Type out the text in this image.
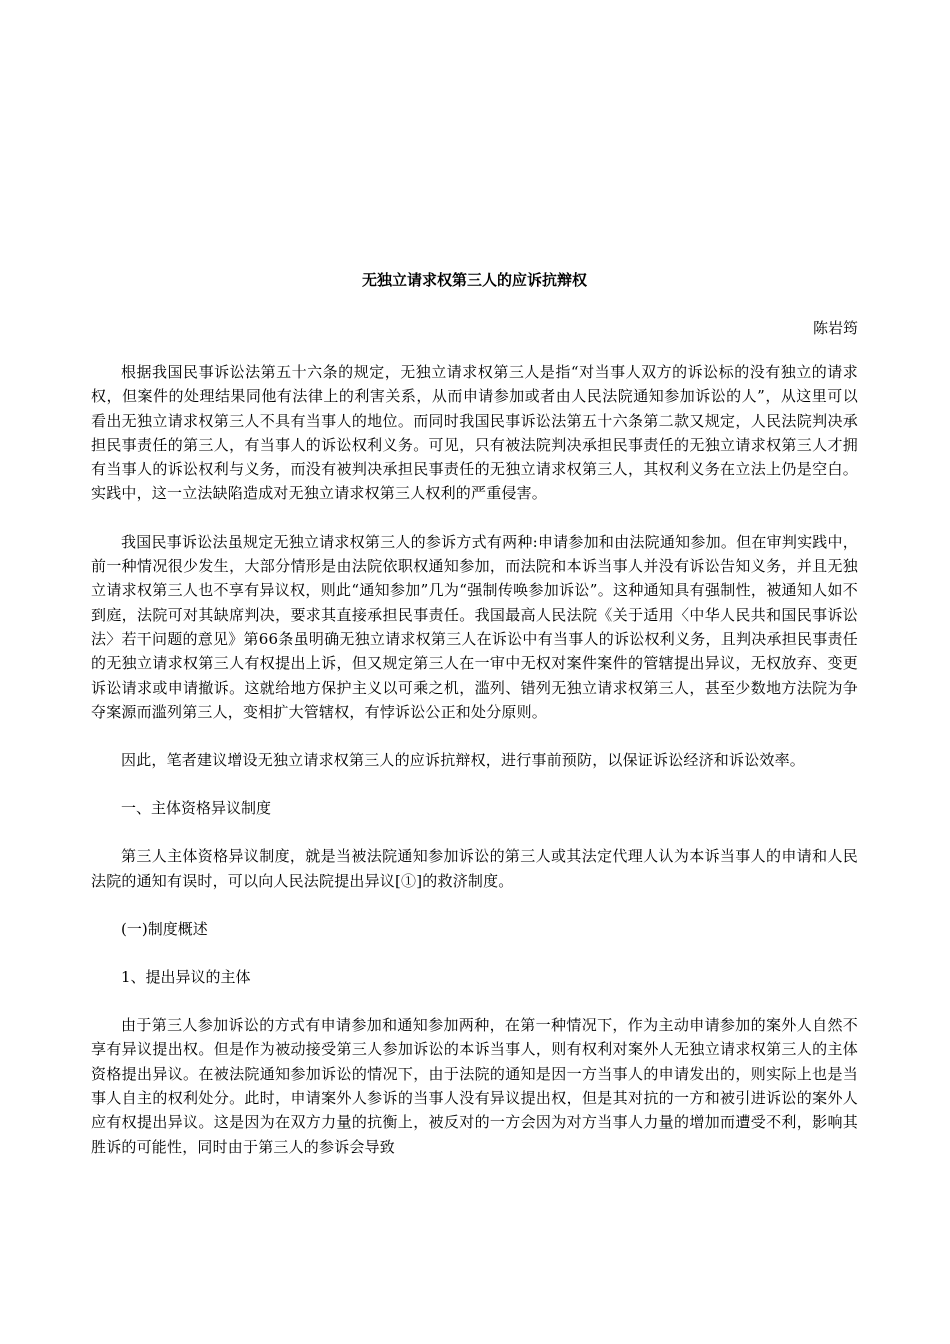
无独立请求权第三人的应诉抗辩权
陈岩筠

根据我国民事诉讼法第五十六条的规定，无独立请求权第三人是指“对当事人双方的诉讼标的没有独立的请求权，但案件的处理结果同他有法律上的利害关系，从而申请参加或者由人民法院通知参加诉讼的人”，从这里可以看出无独立请求权第三人不具有当事人的地位。而同时我国民事诉讼法第五十六条第二款又规定，人民法院判决承担民事责任的第三人，有当事人的诉讼权利义务。可见，只有被法院判决承担民事责任的无独立请求权第三人才拥有当事人的诉讼权利与义务，而没有被判决承担民事责任的无独立请求权第三人，其权利义务在立法上仍是空白。实践中，这一立法缺陷造成对无独立请求权第三人权利的严重侵害。

我国民事诉讼法虽规定无独立请求权第三人的参诉方式有两种:申请参加和由法院通知参加。但在审判实践中，前一种情况很少发生，大部分情形是由法院依职权通知参加，而法院和本诉当事人并没有诉讼告知义务，并且无独立请求权第三人也不享有异议权，则此“通知参加”几为“强制传唤参加诉讼”。这种通知具有强制性，被通知人如不到庭，法院可对其缺席判决，要求其直接承担民事责任。我国最高人民法院《关于适用〈中华人民共和国民事诉讼法〉若干问题的意见》第66条虽明确无独立请求权第三人在诉讼中有当事人的诉讼权利义务，且判决承担民事责任的无独立请求权第三人有权提出上诉，但又规定第三人在一审中无权对案件案件的管辖提出异议，无权放弃、变更诉讼请求或申请撤诉。这就给地方保护主义以可乘之机，滥列、错列无独立请求权第三人，甚至少数地方法院为争夺案源而滥列第三人，变相扩大管辖权，有悖诉讼公正和处分原则。

因此，笔者建议增设无独立请求权第三人的应诉抗辩权，进行事前预防，以保证诉讼经济和诉讼效率。

一、主体资格异议制度

第三人主体资格异议制度，就是当被法院通知参加诉讼的第三人或其法定代理人认为本诉当事人的申请和人民法院的通知有误时，可以向人民法院提出异议[①]的救济制度。

(一)制度概述

1、提出异议的主体

由于第三人参加诉讼的方式有申请参加和通知参加两种，在第一种情况下，作为主动申请参加的案外人自然不享有异议提出权。但是作为被动接受第三人参加诉讼的本诉当事人，则有权利对案外人无独立请求权第三人的主体资格提出异议。在被法院通知参加诉讼的情况下，由于法院的通知是因一方当事人的申请发出的，则实际上也是当事人自主的权利处分。此时，申请案外人参诉的当事人没有异议提出权，但是其对抗的一方和被引进诉讼的案外人应有权提出异议。这是因为在双方力量的抗衡上，被反对的一方会因为对方当事人力量的增加而遭受不利，影响其胜诉的可能性，同时由于第三人的参诉会导致
